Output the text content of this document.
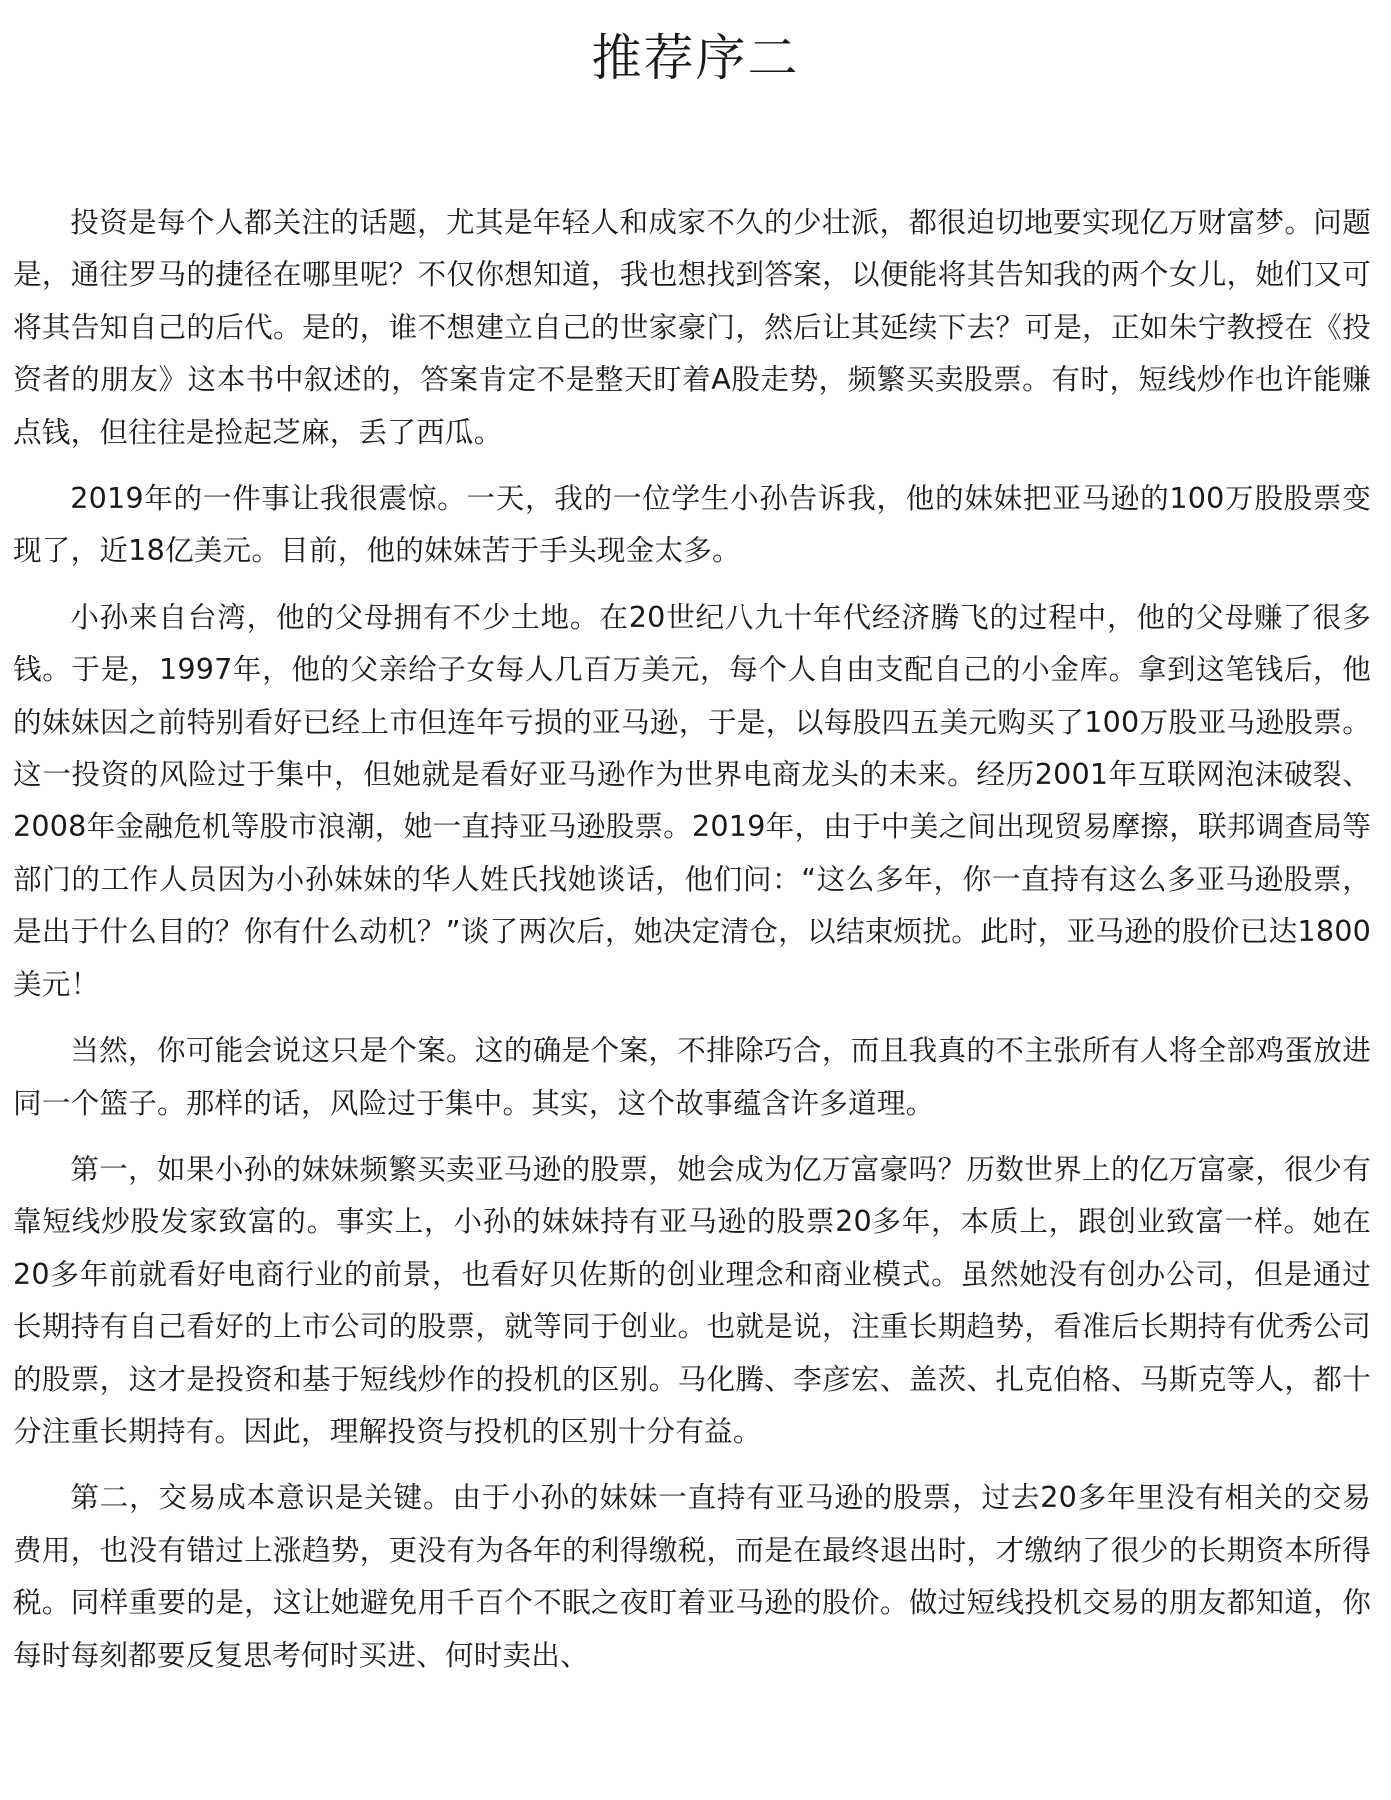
推荐序二

投资是每个人都关注的话题，尤其是年轻人和成家不久的少壮派，都很迫切地要实现亿万财富梦。问题是，通往罗马的捷径在哪里呢？不仅你想知道，我也想找到答案，以便能将其告知我的两个女儿，她们又可将其告知自己的后代。是的，谁不想建立自己的世家豪门，然后让其延续下去？可是，正如朱宁教授在《投资者的朋友》这本书中叙述的，答案肯定不是整天盯着A股走势，频繁买卖股票。有时，短线炒作也许能赚点钱，但往往是捡起芝麻，丢了西瓜。

2019年的一件事让我很震惊。一天，我的一位学生小孙告诉我，他的妹妹把亚马逊的100万股股票变现了，近18亿美元。目前，他的妹妹苦于手头现金太多。

小孙来自台湾，他的父母拥有不少土地。在20世纪八九十年代经济腾飞的过程中，他的父母赚了很多钱。于是，1997年，他的父亲给子女每人几百万美元，每个人自由支配自己的小金库。拿到这笔钱后，他的妹妹因之前特别看好已经上市但连年亏损的亚马逊，于是，以每股四五美元购买了100万股亚马逊股票。这一投资的风险过于集中，但她就是看好亚马逊作为世界电商龙头的未来。经历2001年互联网泡沫破裂、2008年金融危机等股市浪潮，她一直持亚马逊股票。2019年，由于中美之间出现贸易摩擦，联邦调查局等部门的工作人员因为小孙妹妹的华人姓氏找她谈话，他们问：“这么多年，你一直持有这么多亚马逊股票，是出于什么目的？你有什么动机？”谈了两次后，她决定清仓，以结束烦扰。此时，亚马逊的股价已达1800美元！

当然，你可能会说这只是个案。这的确是个案，不排除巧合，而且我真的不主张所有人将全部鸡蛋放进同一个篮子。那样的话，风险过于集中。其实，这个故事蕴含许多道理。

第一，如果小孙的妹妹频繁买卖亚马逊的股票，她会成为亿万富豪吗？历数世界上的亿万富豪，很少有靠短线炒股发家致富的。事实上，小孙的妹妹持有亚马逊的股票20多年，本质上，跟创业致富一样。她在20多年前就看好电商行业的前景，也看好贝佐斯的创业理念和商业模式。虽然她没有创办公司，但是通过长期持有自己看好的上市公司的股票，就等同于创业。也就是说，注重长期趋势，看准后长期持有优秀公司的股票，这才是投资和基于短线炒作的投机的区别。马化腾、李彦宏、盖茨、扎克伯格、马斯克等人，都十分注重长期持有。因此，理解投资与投机的区别十分有益。

第二，交易成本意识是关键。由于小孙的妹妹一直持有亚马逊的股票，过去20多年里没有相关的交易费用，也没有错过上涨趋势，更没有为各年的利得缴税，而是在最终退出时，才缴纳了很少的长期资本所得税。同样重要的是，这让她避免用千百个不眠之夜盯着亚马逊的股价。做过短线投机交易的朋友都知道，你每时每刻都要反复思考何时买进、何时卖出、
